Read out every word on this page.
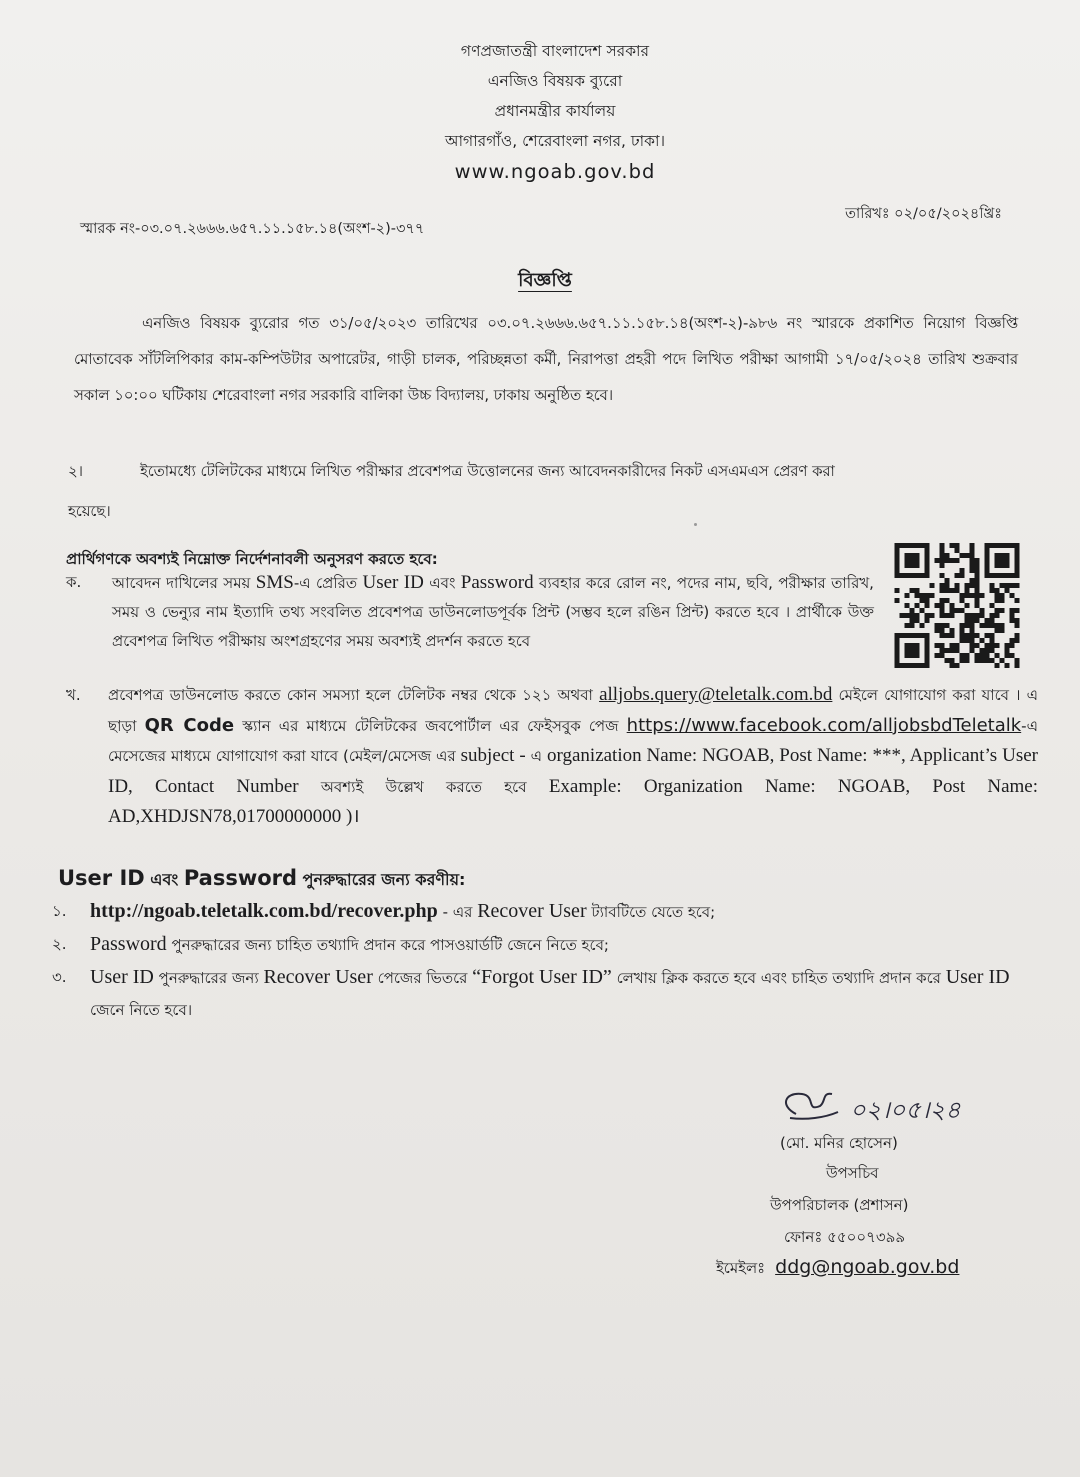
গণপ্রজাতন্ত্রী বাংলাদেশ সরকার
এনজিও বিষয়ক ব্যুরো
প্রধানমন্ত্রীর কার্যালয়
আগারগাঁও, শেরেবাংলা নগর, ঢাকা।
www.ngoab.gov.bd
স্মারক নং-০৩.০৭.২৬৬৬.৬৫৭.১১.১৫৮.১৪(অংশ-২)-৩৭৭
তারিখঃ ০২/০৫/২০২৪খ্রিঃ
বিজ্ঞপ্তি
এনজিও বিষয়ক ব্যুরোর গত ৩১/০৫/২০২৩ তারিখের ০৩.০৭.২৬৬৬.৬৫৭.১১.১৫৮.১৪(অংশ-২)-৯৮৬ নং স্মারকে প্রকাশিত নিয়োগ বিজ্ঞপ্তি মোতাবেক সাঁটলিপিকার কাম-কম্পিউটার অপারেটর, গাড়ী চালক, পরিচ্ছন্নতা কর্মী, নিরাপত্তা প্রহরী পদে লিখিত পরীক্ষা আগামী ১৭/০৫/২০২৪ তারিখ শুক্রবার সকাল ১০:০০ ঘটিকায় শেরেবাংলা নগর সরকারি বালিকা উচ্চ বিদ্যালয়, ঢাকায় অনুষ্ঠিত হবে।
২।	ইতোমধ্যে টেলিটকের মাধ্যমে লিখিত পরীক্ষার প্রবেশপত্র উত্তোলনের জন্য আবেদনকারীদের নিকট এসএমএস প্রেরণ করা
হয়েছে।
প্রার্থিগণকে অবশ্যই নিম্নোক্ত নির্দেশনাবলী অনুসরণ করতে হবে:
ক. আবেদন দাখিলের সময় SMS-এ প্রেরিত User ID এবং Password ব্যবহার করে রোল নং, পদের নাম, ছবি, পরীক্ষার তারিখ, সময় ও ভেন্যুর নাম ইত্যাদি তথ্য সংবলিত প্রবেশপত্র ডাউনলোডপূর্বক প্রিন্ট (সম্ভব হলে রঙিন প্রিন্ট) করতে হবে । প্রার্থীকে উক্ত প্রবেশপত্র লিখিত পরীক্ষায় অংশগ্রহণের সময় অবশ্যই প্রদর্শন করতে হবে
খ. প্রবেশপত্র ডাউনলোড করতে কোন সমস্যা হলে টেলিটক নম্বর থেকে ১২১ অথবা alljobs.query@teletalk.com.bd মেইলে যোগাযোগ করা যাবে । এ ছাড়া QR Code স্ক্যান এর মাধ্যমে টেলিটকের জবপোর্টাল এর ফেইসবুক পেজ https://www.facebook.com/alljobsbdTeletalk-এ মেসেজের মাধ্যমে যোগাযোগ করা যাবে (মেইল/মেসেজ এর subject - এ organization Name: NGOAB, Post Name: ***, Applicant’s User ID, Contact Number অবশ্যই উল্লেখ করতে হবে Example: Organization Name: NGOAB, Post Name: AD,XHDJSN78,01700000000 )।
User ID এবং Password পুনরুদ্ধারের জন্য করণীয়:
১.	http://ngoab.teletalk.com.bd/recover.php - এর Recover User ট্যাবটিতে যেতে হবে;
২.	Password পুনরুদ্ধারের জন্য চাহিত তথ্যাদি প্রদান করে পাসওয়ার্ডটি জেনে নিতে হবে;
৩.	User ID পুনরুদ্ধারের জন্য Recover User পেজের ভিতরে “Forgot User ID” লেখায় ক্লিক করতে হবে এবং চাহিত তথ্যাদি প্রদান করে User ID জেনে নিতে হবে।
০২।০৫।২৪
(মো. মনির হোসেন)
উপসচিব
উপপরিচালক (প্রশাসন)
ফোনঃ ৫৫০০৭৩৯৯
ইমেইলঃ ddg@ngoab.gov.bd
